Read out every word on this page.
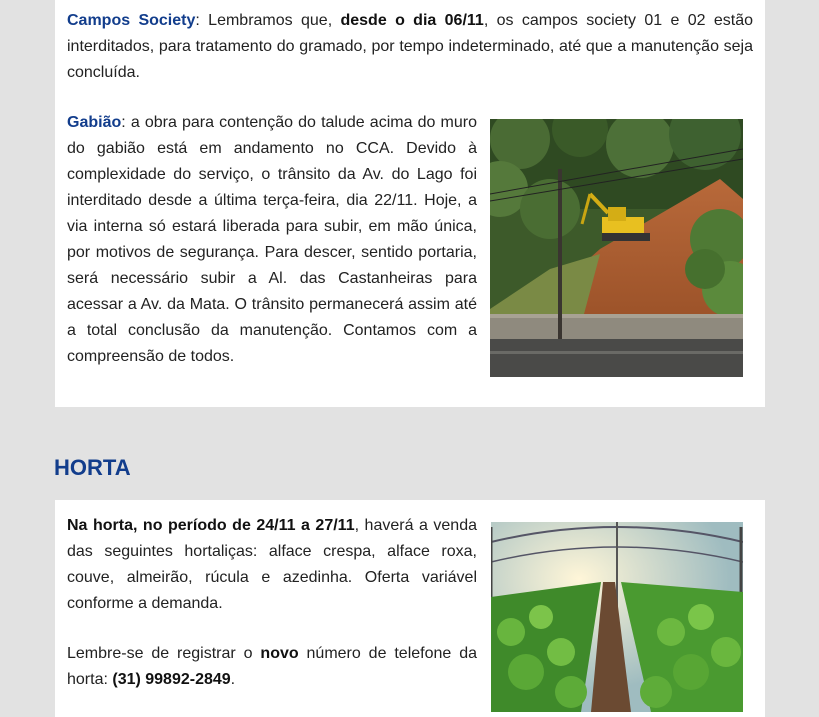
Campos Society: Lembramos que, desde o dia 06/11, os campos society 01 e 02 estão interditados, para tratamento do gramado, por tempo indeterminado, até que a manutenção seja concluída.

Gabião: a obra para contenção do talude acima do muro do gabião está em andamento no CCA. Devido à complexidade do serviço, o trânsito da Av. do Lago foi interditado desde a última terça-feira, dia 22/11. Hoje, a via interna só estará liberada para subir, em mão única, por motivos de segurança. Para descer, sentido portaria, será necessário subir a Al. das Castanheiras para acessar a Av. da Mata. O trânsito permanecerá assim até a total conclusão da manutenção. Contamos com a compreensão de todos.

HORTA

Na horta, no período de 24/11 a 27/11, haverá a venda das seguintes hortaliças: alface crespa, alface roxa, couve, almeirão, rúcula e azedinha. Oferta variável conforme a demanda.

Lembre-se de registrar o novo número de telefone da horta: (31) 99892-2849.
